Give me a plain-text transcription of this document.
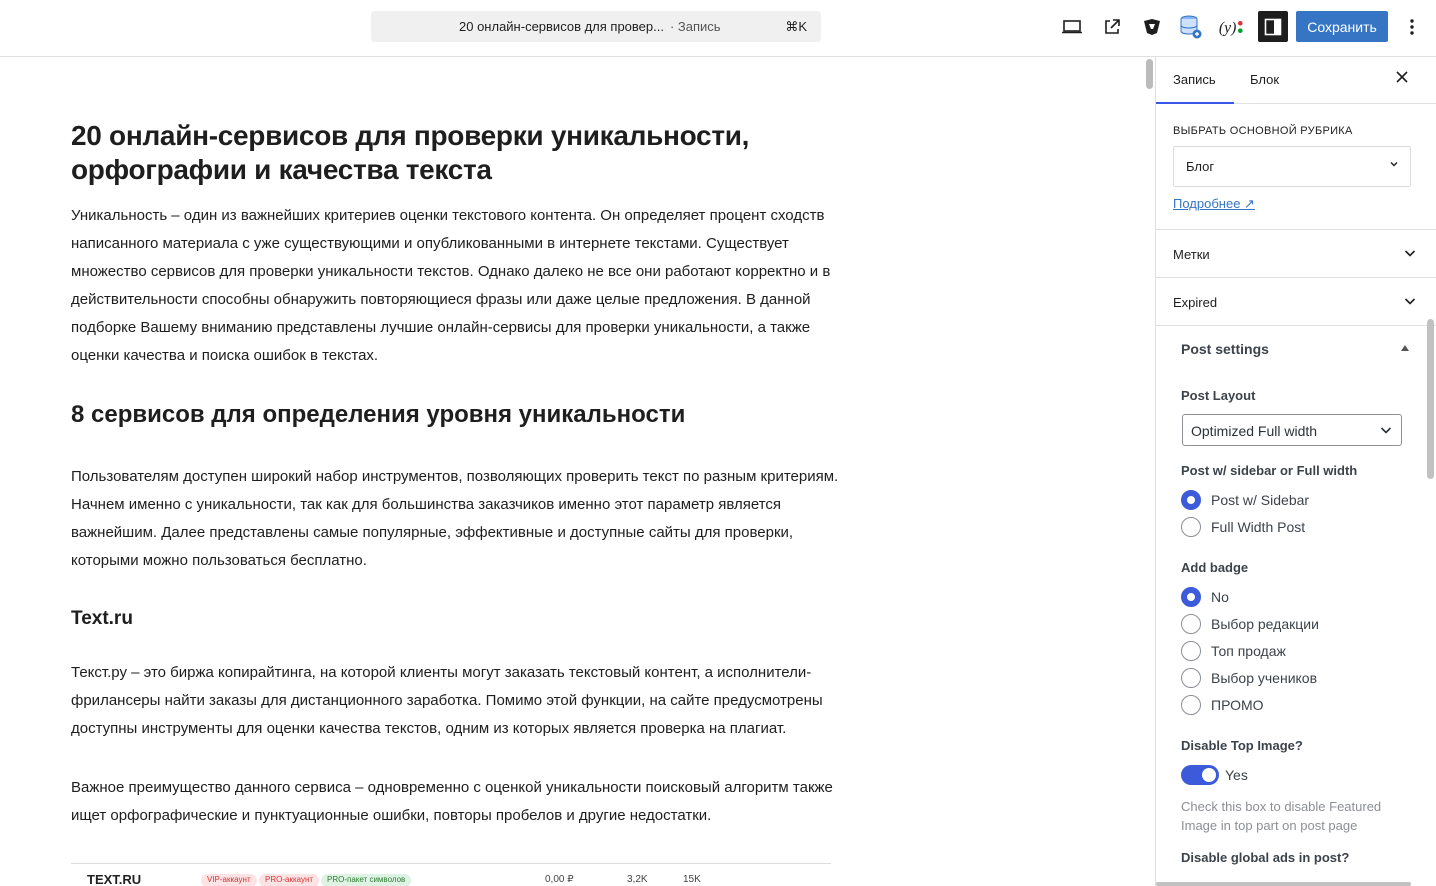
20 онлайн-сервисов для провер... · Запись	⌘K	(y)	Сохранить
20 онлайн-сервисов для проверки уникальности, орфографии и качества текста

Уникальность – один из важнейших критериев оценки текстового контента. Он определяет процент сходств написанного материала с уже существующими и опубликованными в интернете текстами. Существует множество сервисов для проверки уникальности текстов. Однако далеко не все они работают корректно и в действительности способны обнаружить повторяющиеся фразы или даже целые предложения. В данной подборке Вашему вниманию представлены лучшие онлайн-сервисы для проверки уникальности, а также оценки качества и поиска ошибок в текстах.

8 сервисов для определения уровня уникальности

Пользователям доступен широкий набор инструментов, позволяющих проверить текст по разным критериям. Начнем именно с уникальности, так как для большинства заказчиков именно этот параметр является важнейшим. Далее представлены самые популярные, эффективные и доступные сайты для проверки, которыми можно пользоваться бесплатно.

Text.ru

Текст.ру – это биржа копирайтинга, на которой клиенты могут заказать текстовый контент, а исполнители-фрилансеры найти заказы для дистанционного заработка. Помимо этой функции, на сайте предусмотрены доступны инструменты для оценки качества текстов, одним из которых является проверка на плагиат.

Важное преимущество данного сервиса – одновременно с оценкой уникальности поисковый алгоритм также ищет орфографические и пунктуационные ошибки, повторы пробелов и другие недостатки.

TEXT.RU	VIP-аккаунт	PRO-аккаунт	PRO-пакет символов	0,00 ₽	3,2K	15K
Запись	Блок
ВЫБРАТЬ ОСНОВНОЙ РУБРИКА
Блог
Подробнее ↗
Метки
Expired
Post settings
Post Layout
Optimized Full width
Post w/ sidebar or Full width
Post w/ Sidebar
Full Width Post
Add badge
No
Выбор редакции
Топ продаж
Выбор учеников
ПРОМО
Disable Top Image?
Yes

Check this box to disable Featured Image in top part on post page

Disable global ads in post?
